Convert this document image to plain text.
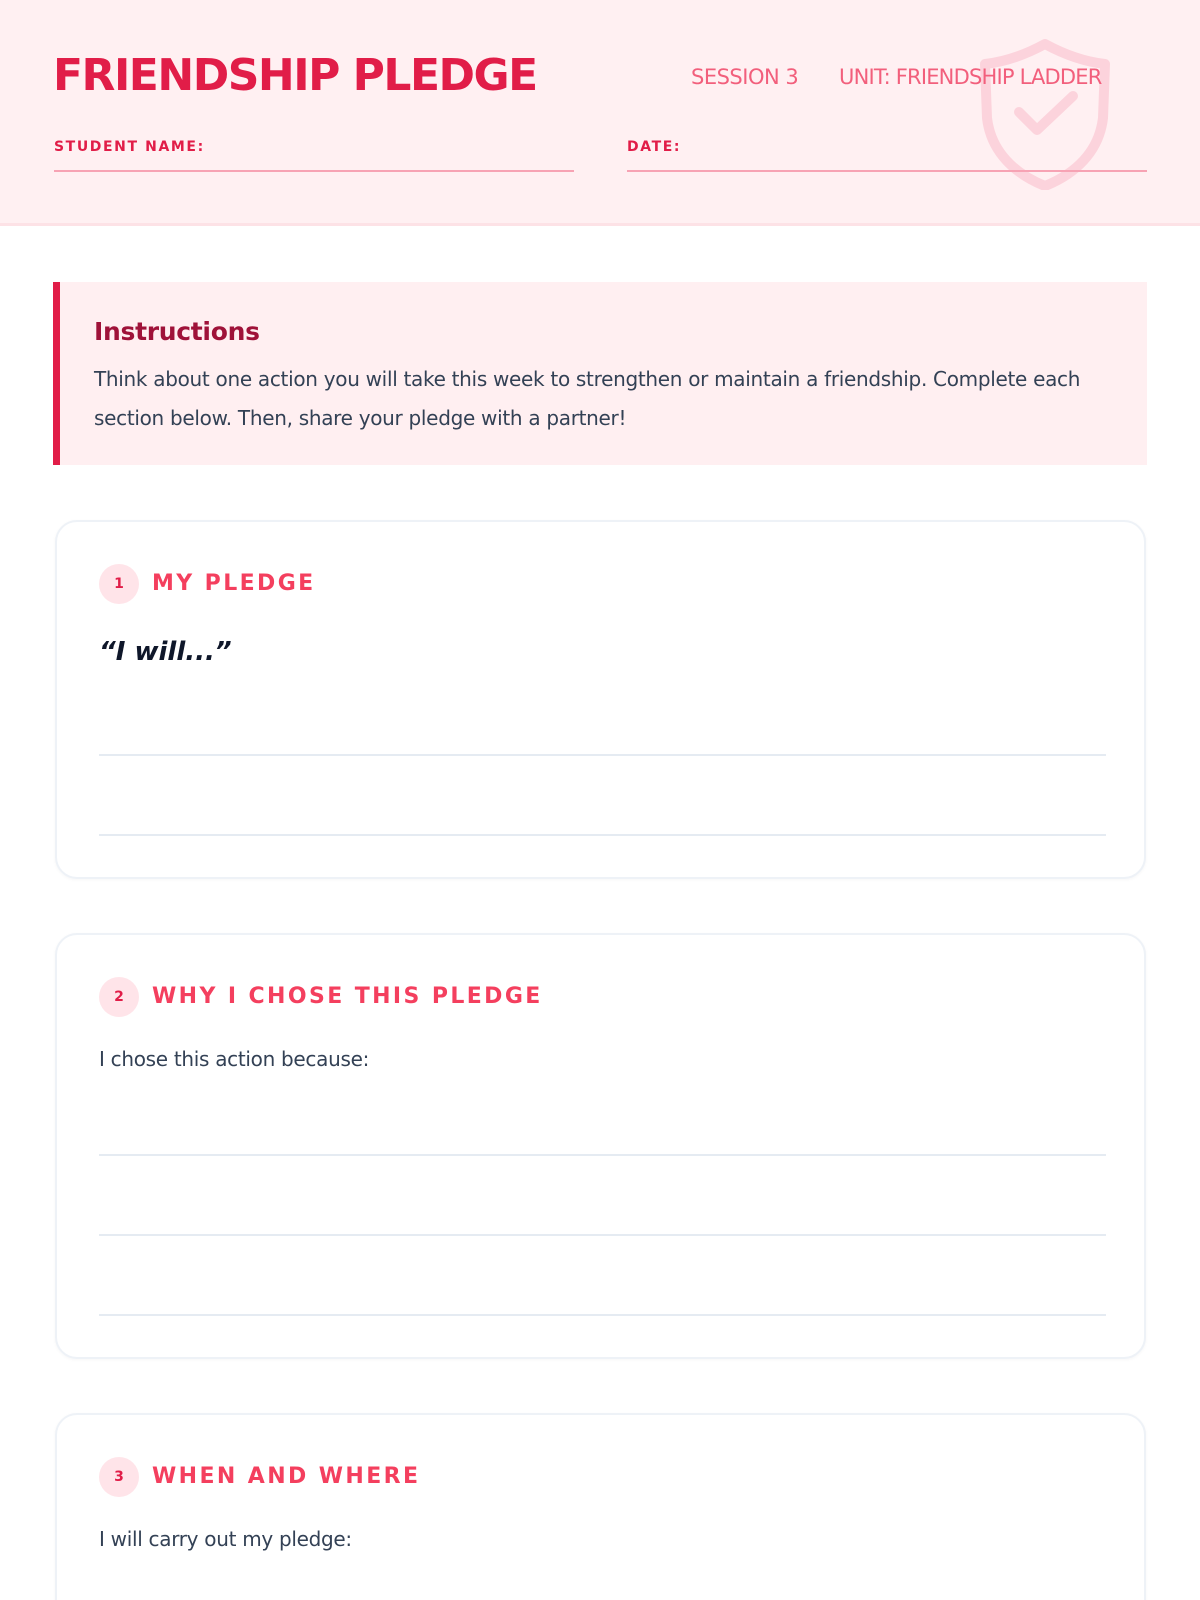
FRIENDSHIP PLEDGE	SESSION 3 UNIT: FRIENDSHIP LADDER
STUDENT NAME:	DATE:
Instructions
Think about one action you will take this week to strengthen or maintain a friendship. Complete each section below. Then, share your pledge with a partner!
1	MY PLEDGE
“I will...”
2	WHY I CHOSE THIS PLEDGE
I chose this action because:
3	WHEN AND WHERE
I will carry out my pledge:
